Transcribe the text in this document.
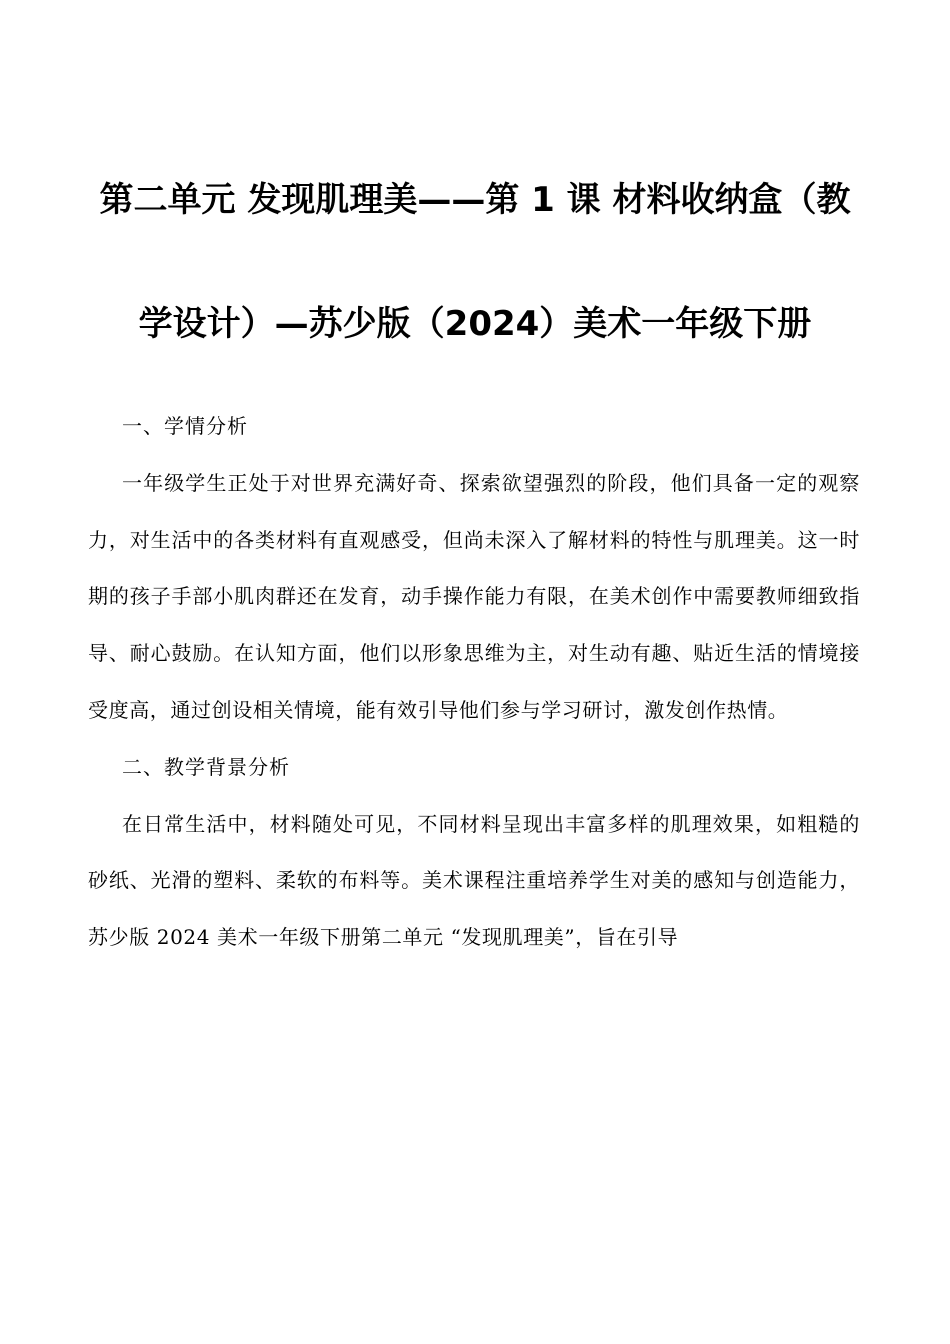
第二单元 发现肌理美——第 1 课 材料收纳盒（教
学设计）—苏少版（2024）美术一年级下册

一、学情分析

一年级学生正处于对世界充满好奇、探索欲望强烈的阶段，他们具备一定的观察力，对生活中的各类材料有直观感受，但尚未深入了解材料的特性与肌理美。这一时期的孩子手部小肌肉群还在发育，动手操作能力有限，在美术创作中需要教师细致指导、耐心鼓励。在认知方面，他们以形象思维为主，对生动有趣、贴近生活的情境接受度高，通过创设相关情境，能有效引导他们参与学习研讨，激发创作热情。

二、教学背景分析

在日常生活中，材料随处可见，不同材料呈现出丰富多样的肌理效果，如粗糙的砂纸、光滑的塑料、柔软的布料等。美术课程注重培养学生对美的感知与创造能力，苏少版 2024 美术一年级下册第二单元 “发现肌理美”，旨在引导
